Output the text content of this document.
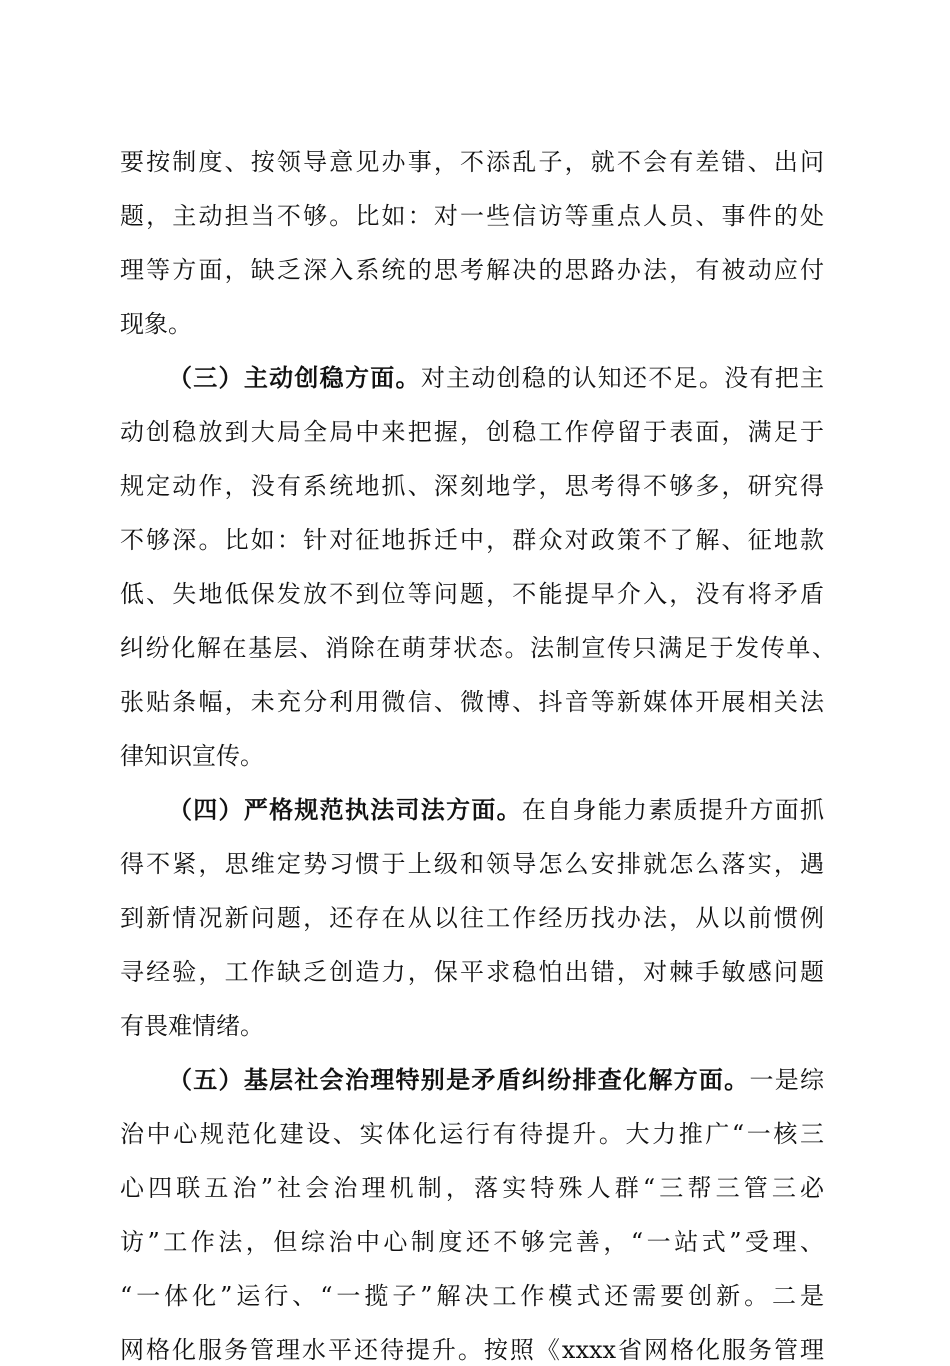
要按制度、按领导意见办事，不添乱子，就不会有差错、出问
题，主动担当不够。比如：对一些信访等重点人员、事件的处
理等方面，缺乏深入系统的思考解决的思路办法，有被动应付
现象。
（三）主动创稳方面。对主动创稳的认知还不足。没有把主
动创稳放到大局全局中来把握，创稳工作停留于表面，满足于
规定动作，没有系统地抓、深刻地学，思考得不够多，研究得
不够深。比如：针对征地拆迁中，群众对政策不了解、征地款
低、失地低保发放不到位等问题，不能提早介入，没有将矛盾
纠纷化解在基层、消除在萌芽状态。法制宣传只满足于发传单、
张贴条幅，未充分利用微信、微博、抖音等新媒体开展相关法
律知识宣传。
（四）严格规范执法司法方面。在自身能力素质提升方面抓
得不紧，思维定势习惯于上级和领导怎么安排就怎么落实，遇
到新情况新问题，还存在从以往工作经历找办法，从以前惯例
寻经验，工作缺乏创造力，保平求稳怕出错，对棘手敏感问题
有畏难情绪。
（五）基层社会治理特别是矛盾纠纷排查化解方面。一是综
治中心规范化建设、实体化运行有待提升。大力推广“一核三
心四联五治”社会治理机制，落实特殊人群“三帮三管三必
访”工作法，但综治中心制度还不够完善，“一站式”受理、
“一体化”运行、“一揽子”解决工作模式还需要创新。二是
网格化服务管理水平还待提升。按照《xxxx省网格化服务管理
